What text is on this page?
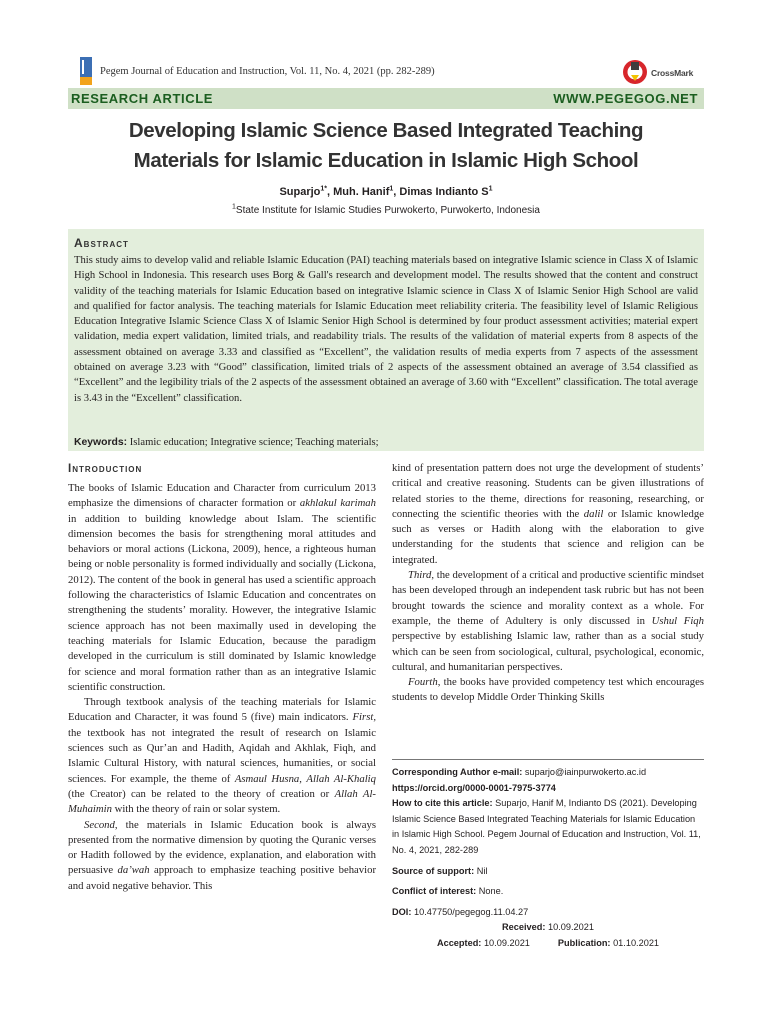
Pegem Journal of Education and Instruction, Vol. 11, No. 4, 2021 (pp. 282-289)	CrossMark
RESEARCH ARTICLE	WWW.PEGEGOG.NET
Developing Islamic Science Based Integrated Teaching
Materials for Islamic Education in Islamic High School
Suparjo$^{1*}$, Muh. Hanif$^1$, Dimas Indianto $S^1$
$^1$State Institute for Islamic Studies Purwokerto, Purwokerto, Indonesia
Abstract
This study aims to develop valid and reliable Islamic Education (PAI) teaching materials based on integrative Islamic science in Class X of Islamic High School in Indonesia. This research uses Borg & Gall's research and development model. The results showed that the content and construct validity of the teaching materials for Islamic Education based on integrative Islamic science in Class X of Islamic Senior High School are valid and qualified for factor analysis. The teaching materials for Islamic Education meet reliability criteria. The feasibility level of Islamic Religious Education Integrative Islamic Science Class X of Islamic Senior High School is determined by four product assessment activities; material expert validation, media expert validation, limited trials, and readability trials. The results of the validation of material experts from 8 aspects of the assessment obtained on average 3.33 and classified as “Excellent”, the validation results of media experts from 7 aspects of the assessment obtained on average 3.23 with “Good” classification, limited trials of 2 aspects of the assessment obtained an average of 3.54 classified as “Excellent” and the legibility trials of the 2 aspects of the assessment obtained an average of 3.60 with “Excellent” classification. The total average is 3.43 in the “Excellent” classification.
Keywords: Islamic education; Integrative science; Teaching materials;
Introduction

The books of Islamic Education and Character from curriculum 2013 emphasize the dimensions of character formation or akhlakul karimah in addition to building knowledge about Islam. The scientific dimension becomes the basis for strengthening moral attitudes and behaviors or moral actions (Lickona, 2009), hence, a righteous human being or noble personality is formed individually and socially (Lickona, 2012). The content of the book in general has used a scientific approach following the characteristics of Islamic Education and concentrates on strengthening the students’ morality. However, the integrative Islamic science approach has not been maximally used in developing the teaching materials for Islamic Education, because the paradigm developed in the curriculum is still dominated by Islamic knowledge for science and moral formation rather than as an integrative Islamic scientific construction.

Through textbook analysis of the teaching materials for Islamic Education and Character, it was found 5 (five) main indicators. First, the textbook has not integrated the result of research on Islamic sciences such as Qur’an and Hadith, Aqidah and Akhlak, Fiqh, and Islamic Cultural History, with natural sciences, humanities, or social sciences. For example, the theme of Asmaul Husna, Allah Al-Khaliq (the Creator) can be related to the theory of creation or Allah Al-Muhaimin with the theory of rain or solar system.

Second, the materials in Islamic Education book is always presented from the normative dimension by quoting the Quranic verses or Hadith followed by the evidence, explanation, and elaboration with persuasive da’wah approach to emphasize teaching positive behavior and avoid negative behavior. This

kind of presentation pattern does not urge the development of students’ critical and creative reasoning. Students can be given illustrations of related stories to the theme, directions for reasoning, researching, or connecting the scientific theories with the dalil or Islamic knowledge such as verses or Hadith along with the elaboration to give understanding for the students that science and religion can be integrated.

Third, the development of a critical and productive scientific mindset has been developed through an independent task rubric but has not been brought towards the science and morality context as a whole. For example, the theme of Adultery is only discussed in Ushul Fiqh perspective by establishing Islamic law, rather than as a social study which can be seen from sociological, cultural, psychological, economic, cultural, and humanitarian perspectives.

Fourth, the books have provided competency test which encourages students to develop Middle Order Thinking Skills

Corresponding Author e-mail: suparjo@iainpurwokerto.ac.id
https://orcid.org/0000-0001-7975-3774
How to cite this article: Suparjo, Hanif M, Indianto DS (2021). Developing Islamic Science Based Integrated Teaching Materials for Islamic Education in Islamic High School. Pegem Journal of Education and Instruction, Vol. 11, No. 4, 2021, 282-289
Source of support: Nil
Conflict of interest: None.
DOI: 10.47750/pegegog.11.04.27
Received: 10.09.2021
Accepted: 10.09.2021	Publication: 01.10.2021
